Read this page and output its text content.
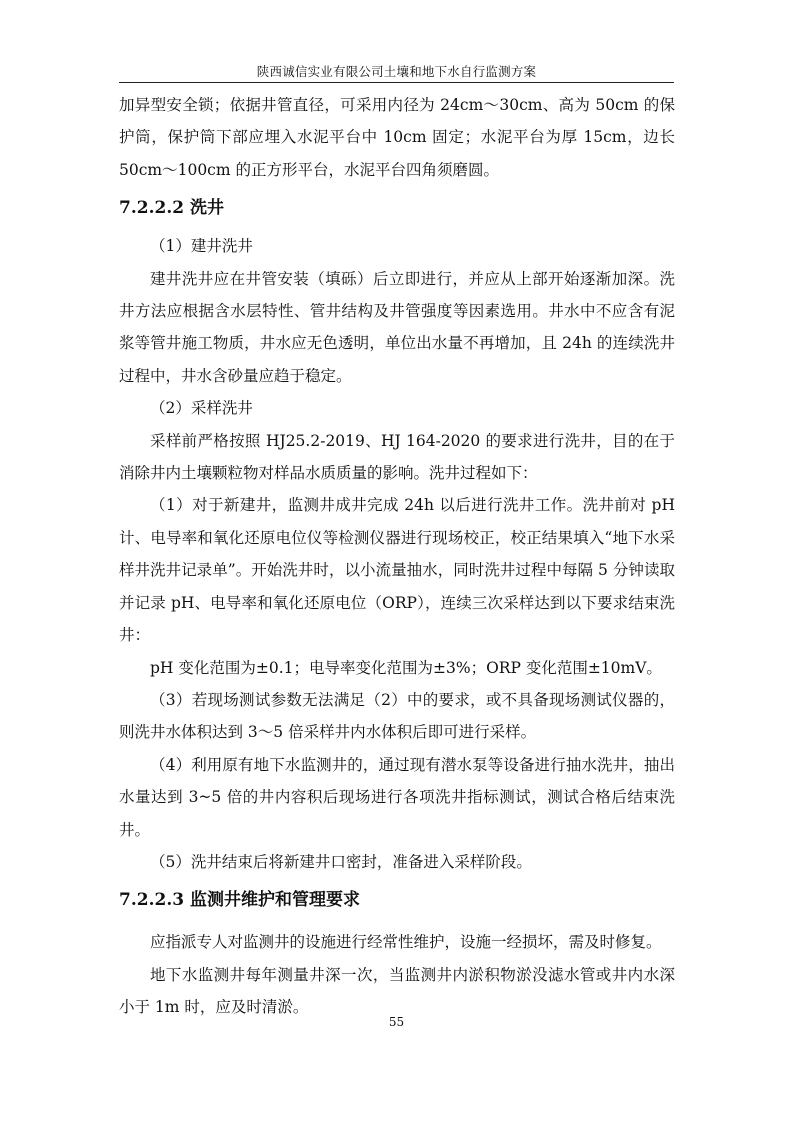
陕西诚信实业有限公司土壤和地下水自行监测方案

加异型安全锁；依据井管直径，可采用内径为 24cm～30cm、高为 50cm 的保护筒，保护筒下部应埋入水泥平台中 10cm 固定；水泥平台为厚 15cm，边长 50cm～100cm 的正方形平台，水泥平台四角须磨圆。

7.2.2.2 洗井

（1）建井洗井

建井洗井应在井管安装（填砾）后立即进行，并应从上部开始逐渐加深。洗井方法应根据含水层特性、管井结构及井管强度等因素选用。井水中不应含有泥浆等管井施工物质，井水应无色透明，单位出水量不再增加，且 24h 的连续洗井过程中，井水含砂量应趋于稳定。

（2）采样洗井

采样前严格按照 HJ25.2-2019、HJ 164-2020 的要求进行洗井，目的在于消除井内土壤颗粒物对样品水质质量的影响。洗井过程如下：

（1）对于新建井，监测井成井完成 24h 以后进行洗井工作。洗井前对 pH 计、电导率和氧化还原电位仪等检测仪器进行现场校正，校正结果填入“地下水采样井洗井记录单”。开始洗井时，以小流量抽水，同时洗井过程中每隔 5 分钟读取并记录 pH、电导率和氧化还原电位（ORP），连续三次采样达到以下要求结束洗井：

pH 变化范围为±0.1；电导率变化范围为±3%；ORP 变化范围±10mV。

（3）若现场测试参数无法满足（2）中的要求，或不具备现场测试仪器的，则洗井水体积达到 3～5 倍采样井内水体积后即可进行采样。

（4）利用原有地下水监测井的，通过现有潜水泵等设备进行抽水洗井，抽出水量达到 3~5 倍的井内容积后现场进行各项洗井指标测试，测试合格后结束洗井。

（5）洗井结束后将新建井口密封，准备进入采样阶段。

7.2.2.3 监测井维护和管理要求

应指派专人对监测井的设施进行经常性维护，设施一经损坏，需及时修复。

地下水监测井每年测量井深一次，当监测井内淤积物淤没滤水管或井内水深小于 1m 时，应及时清淤。

55
